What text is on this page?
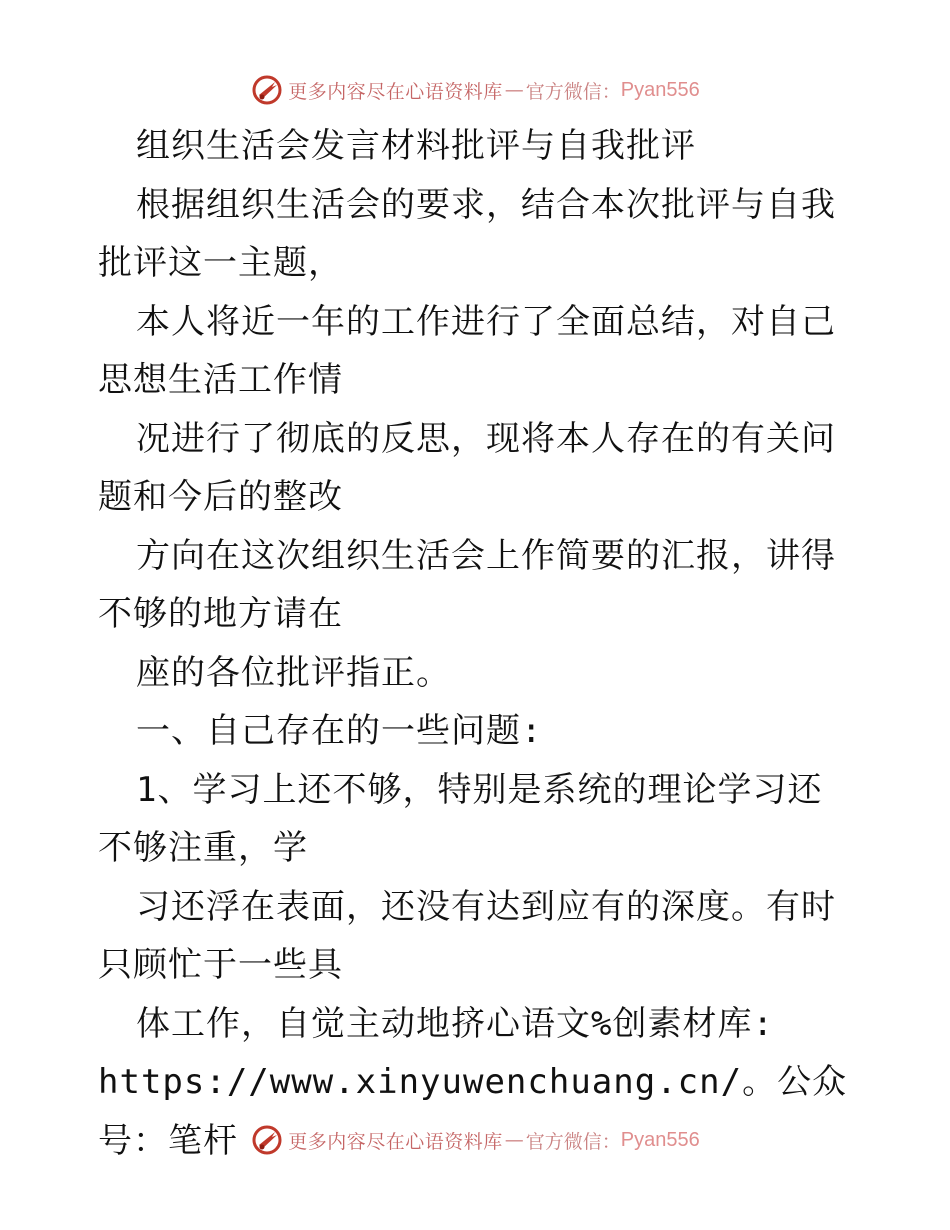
更多内容尽在心语资料库 — 官方微信： Pyan556

组织生活会发言材料批评与自我批评

根据组织生活会的要求，结合本次批评与自我批评这一主题，

本人将近一年的工作进行了全面总结，对自己思想生活工作情

况进行了彻底的反思，现将本人存在的有关问题和今后的整改

方向在这次组织生活会上作简要的汇报，讲得不够的地方请在

座的各位批评指正。

一、自己存在的一些问题:

1、学习上还不够，特别是系统的理论学习还不够注重，学

习还浮在表面，还没有达到应有的深度。有时只顾忙于一些具

体工作，自觉主动地挤心语文%创素材库:

https://www.xinyuwenchuang.cn/。公众号：笔杆	更多内容尽在心语资料库 — 官方微信： Pyan556
